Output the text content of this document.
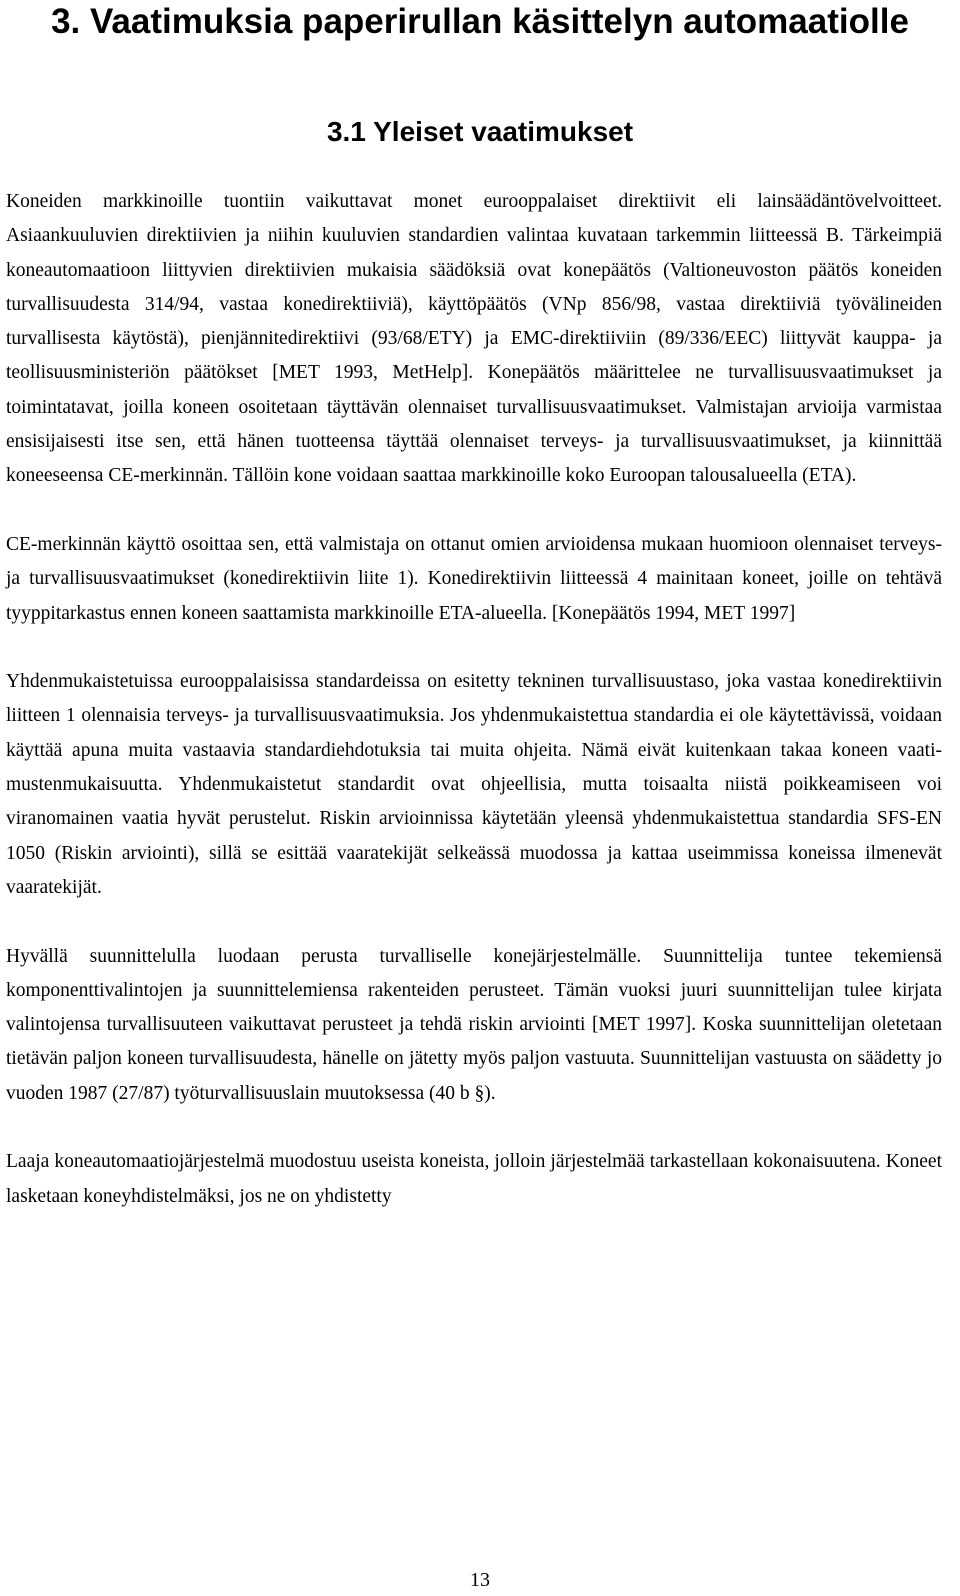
3. Vaatimuksia paperirullan käsittelyn automaatiolle
3.1 Yleiset vaatimukset

Koneiden markkinoille tuontiin vaikuttavat monet eurooppalaiset direktiivit eli lainsäädäntövelvoitteet. Asiaankuuluvien direktiivien ja niihin kuuluvien standardien valintaa kuvataan tarkemmin liitteessä B. Tärkeimpiä koneautomaatioon liittyvien direktiivien mukaisia säädöksiä ovat konepäätös (Valtioneuvoston päätös koneiden turvallisuudesta 314/94, vastaa konedirektiiviä), käyttöpäätös (VNp 856/98, vastaa direktiiviä työvälineiden turvallisesta käytöstä), pienjännitedirektiivi (93/68/ETY) ja EMC-direktiiviin (89/336/EEC) liittyvät kauppa- ja teollisuusministeriön päätökset [MET 1993, MetHelp]. Konepäätös määrittelee ne turvallisuusvaatimukset ja toimintatavat, joilla koneen osoitetaan täyttävän olennaiset turvallisuusvaatimukset. Valmistajan arvioija varmistaa ensisijaisesti itse sen, että hänen tuotteensa täyttää olennaiset terveys- ja turvallisuusvaatimukset, ja kiinnittää koneeseensa CE-merkinnän. Tällöin kone voidaan saattaa markkinoille koko Euroopan talousalueella (ETA).

CE-merkinnän käyttö osoittaa sen, että valmistaja on ottanut omien arvioidensa mukaan huomioon olennaiset terveys- ja turvallisuusvaatimukset (konedirektiivin liite 1). Konedirektiivin liitteessä 4 mainitaan koneet, joille on tehtävä tyyppitarkastus ennen koneen saattamista markkinoille ETA-alueella. [Konepäätös 1994, MET 1997]

Yhdenmukaistetuissa eurooppalaisissa standardeissa on esitetty tekninen turvallisuustaso, joka vastaa konedirektiivin liitteen 1 olennaisia terveys- ja turvallisuusvaatimuksia. Jos yhdenmukaistettua standardia ei ole käytettävissä, voidaan käyttää apuna muita vastaavia standardiehdotuksia tai muita ohjeita. Nämä eivät kuitenkaan takaa koneen vaatimustenmukaisuutta. Yhdenmukaistetut standardit ovat ohjeellisia, mutta toisaalta niistä poikkeamiseen voi viranomainen vaatia hyvät perustelut. Riskin arvioinnissa käytetään yleensä yhdenmukaistettua standardia SFS-EN 1050 (Riskin arviointi), sillä se esittää vaaratekijät selkeässä muodossa ja kattaa useimmissa koneissa ilmenevät vaaratekijät.

Hyvällä suunnittelulla luodaan perusta turvalliselle konejärjestelmälle. Suunnittelija tuntee tekemiensä komponenttivalintojen ja suunnittelemiensa rakenteiden perusteet. Tämän vuoksi juuri suunnittelijan tulee kirjata valintojensa turvallisuuteen vaikuttavat perusteet ja tehdä riskin arviointi [MET 1997]. Koska suunnittelijan oletetaan tietävän paljon koneen turvallisuudesta, hänelle on jätetty myös paljon vastuuta. Suunnittelijan vastuusta on säädetty jo vuoden 1987 (27/87) työturvallisuuslain muutoksessa (40 b §).

Laaja koneautomaatiojärjestelmä muodostuu useista koneista, jolloin järjestelmää tarkastellaan kokonaisuutena. Koneet lasketaan koneyhdistelmäksi, jos ne on yhdistetty

13
